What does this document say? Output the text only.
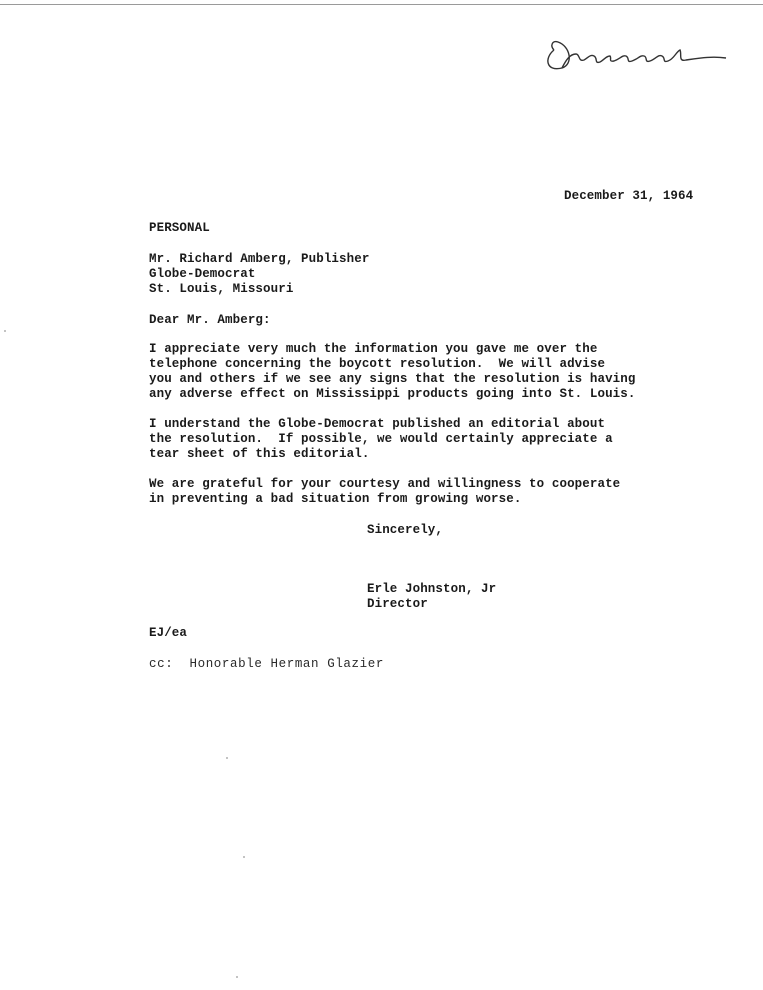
December 31, 1964
PERSONAL
Mr. Richard Amberg, Publisher
Globe-Democrat
St. Louis, Missouri
Dear Mr. Amberg:
I appreciate very much the information you gave me over the
telephone concerning the boycott resolution.  We will advise
you and others if we see any signs that the resolution is having
any adverse effect on Mississippi products going into St. Louis.
I understand the Globe-Democrat published an editorial about
the resolution.  If possible, we would certainly appreciate a
tear sheet of this editorial.
We are grateful for your courtesy and willingness to cooperate
in preventing a bad situation from growing worse.
Sincerely,
Erle Johnston, Jr
Director
EJ/ea
cc:  Honorable Herman Glazier
